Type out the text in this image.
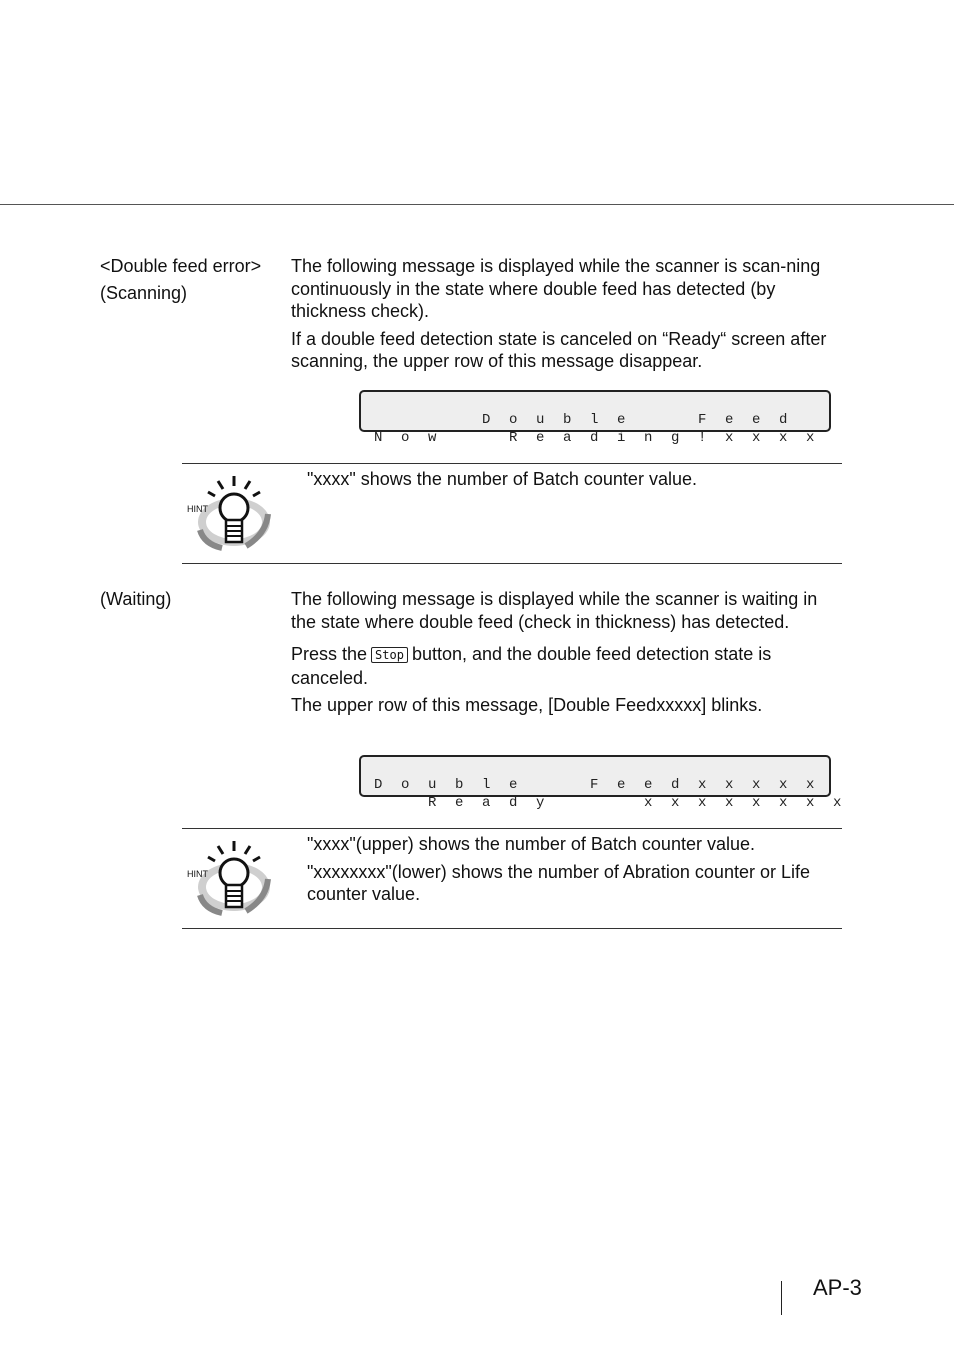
<Double feed error>
(Scanning)

The following message is displayed while the scanner is scan-ning continuously in the state where double feed has detected (by thickness check).

If a double feed detection state is canceled on “Ready“ screen after scanning, the upper row of this message disappear.

Double  Feed

Now  Reading!xxxx

HINT

"xxxx" shows the number of Batch counter value.

(Waiting)	The following message is displayed while the scanner is waiting in the state where double feed (check in thickness) has detected.

Press the Stop button, and the double feed detection state is canceled.

The upper row of this message, [Double Feedxxxxx] blinks.

Double  Feedxxxxx

Ready   xxxxxxxx

HINT

"xxxx"(upper) shows the number of Batch counter value.

"xxxxxxxx"(lower) shows the number of Abration counter or Life counter value.

AP-3
